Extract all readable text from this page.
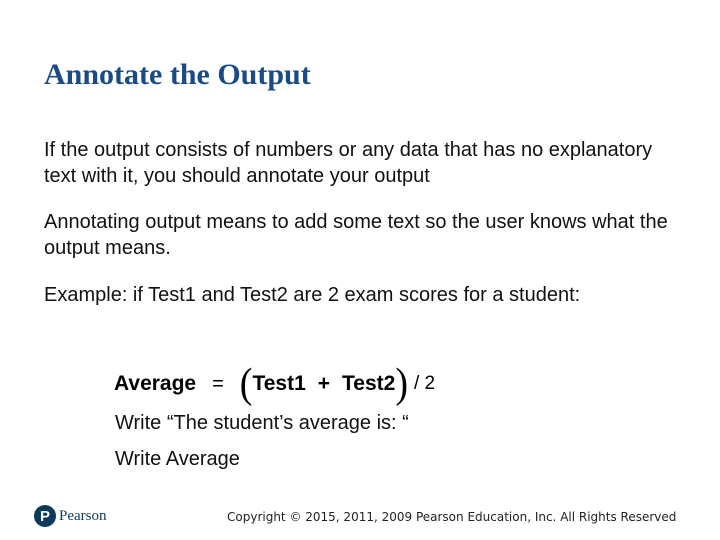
Annotate the Output
If the output consists of numbers or any data that has no explanatory text with it, you should annotate your output
Annotating output means to add some text so the user knows what the output means.
Example: if Test1 and Test2 are 2 exam scores for a student:
Average = ( Test1 + Test2 ) / 2
Write “The student’s average is: “
Write Average
P Pearson	Copyright © 2015, 2011, 2009 Pearson Education, Inc. All Rights Reserved
